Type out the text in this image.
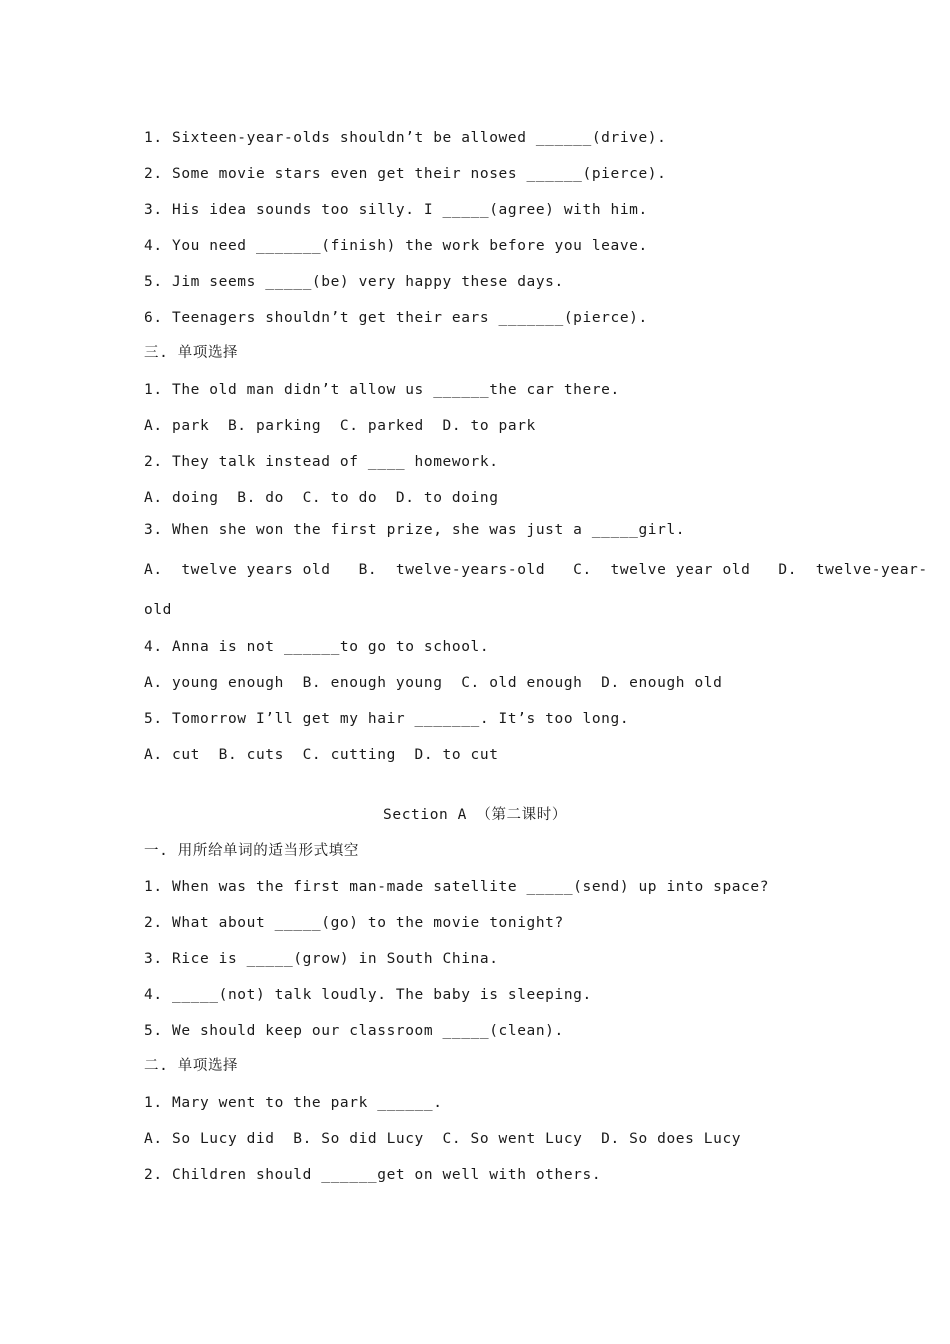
1. Sixteen-year-olds shouldn’t be allowed ______(drive).
2. Some movie stars even get their noses ______(pierce).
3. His idea sounds too silly. I _____(agree) with him.
4. You need _______(finish) the work before you leave.
5. Jim seems _____(be) very happy these days.
6. Teenagers shouldn’t get their ears _______(pierce).
三. 单项选择
1. The old man didn’t allow us ______the car there.
A. park  B. parking  C. parked  D. to park
2. They talk instead of ____ homework.
A. doing  B. do  C. to do  D. to doing
3. When she won the first prize, she was just a _____girl.
A.  twelve years old   B.  twelve-years-old   C.  twelve year old   D.  twelve-year-
old
4. Anna is not ______to go to school.
A. young enough  B. enough young  C. old enough  D. enough old
5. Tomorrow I’ll get my hair _______. It’s too long.
A. cut  B. cuts  C. cutting  D. to cut
Section A （第二课时）
一. 用所给单词的适当形式填空
1. When was the first man-made satellite _____(send) up into space?
2. What about _____(go) to the movie tonight?
3. Rice is _____(grow) in South China.
4. _____(not) talk loudly. The baby is sleeping.
5. We should keep our classroom _____(clean).
二. 单项选择
1. Mary went to the park ______.
A. So Lucy did  B. So did Lucy  C. So went Lucy  D. So does Lucy
2. Children should ______get on well with others.
